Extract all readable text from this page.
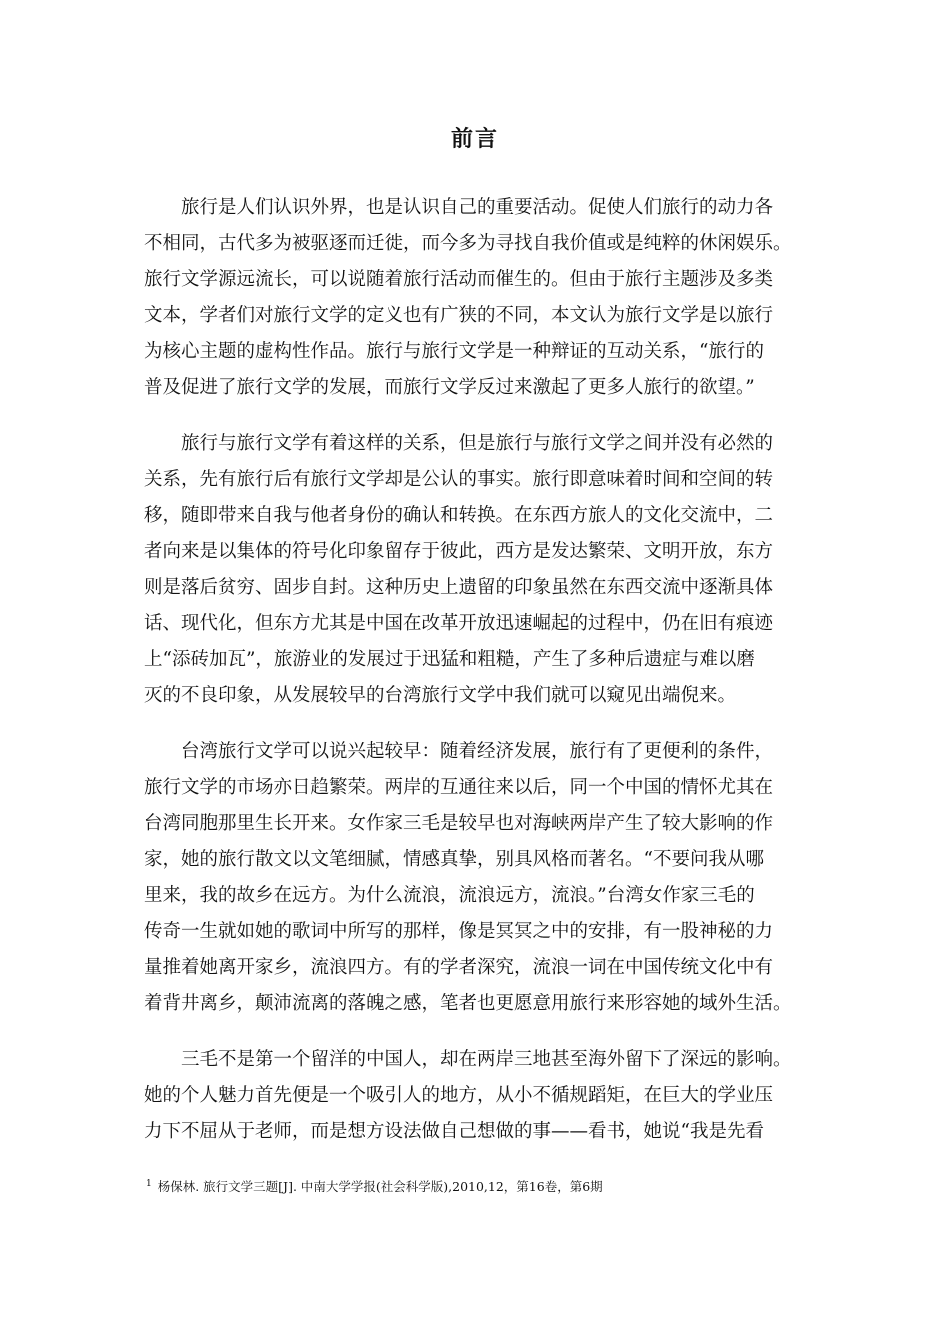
前言

旅行是人们认识外界，也是认识自己的重要活动。促使人们旅行的动力各
不相同，古代多为被驱逐而迁徙，而今多为寻找自我价值或是纯粹的休闲娱乐。
旅行文学源远流长，可以说随着旅行活动而催生的。但由于旅行主题涉及多类
文本，学者们对旅行文学的定义也有广狭的不同，本文认为旅行文学是以旅行
为核心主题的虚构性作品。旅行与旅行文学是一种辩证的互动关系，“旅行的
普及促进了旅行文学的发展，而旅行文学反过来激起了更多人旅行的欲望。”

旅行与旅行文学有着这样的关系，但是旅行与旅行文学之间并没有必然的
关系，先有旅行后有旅行文学却是公认的事实。旅行即意味着时间和空间的转
移，随即带来自我与他者身份的确认和转换。在东西方旅人的文化交流中，二
者向来是以集体的符号化印象留存于彼此，西方是发达繁荣、文明开放，东方
则是落后贫穷、固步自封。这种历史上遗留的印象虽然在东西交流中逐渐具体
话、现代化，但东方尤其是中国在改革开放迅速崛起的过程中，仍在旧有痕迹
上“添砖加瓦”，旅游业的发展过于迅猛和粗糙，产生了多种后遗症与难以磨
灭的不良印象，从发展较早的台湾旅行文学中我们就可以窥见出端倪来。

台湾旅行文学可以说兴起较早：随着经济发展，旅行有了更便利的条件，
旅行文学的市场亦日趋繁荣。两岸的互通往来以后，同一个中国的情怀尤其在
台湾同胞那里生长开来。女作家三毛是较早也对海峡两岸产生了较大影响的作
家，她的旅行散文以文笔细腻，情感真挚，别具风格而著名。“不要问我从哪
里来，我的故乡在远方。为什么流浪，流浪远方，流浪。”台湾女作家三毛的
传奇一生就如她的歌词中所写的那样，像是冥冥之中的安排，有一股神秘的力
量推着她离开家乡，流浪四方。有的学者深究，流浪一词在中国传统文化中有
着背井离乡，颠沛流离的落魄之感，笔者也更愿意用旅行来形容她的域外生活。

三毛不是第一个留洋的中国人，却在两岸三地甚至海外留下了深远的影响。
她的个人魅力首先便是一个吸引人的地方，从小不循规蹈矩，在巨大的学业压
力下不屈从于老师，而是想方设法做自己想做的事——看书，她说“我是先看

$^1$ 杨保林. 旅行文学三题[J]. 中南大学学报(社会科学版),2010,12，第16卷，第6期
